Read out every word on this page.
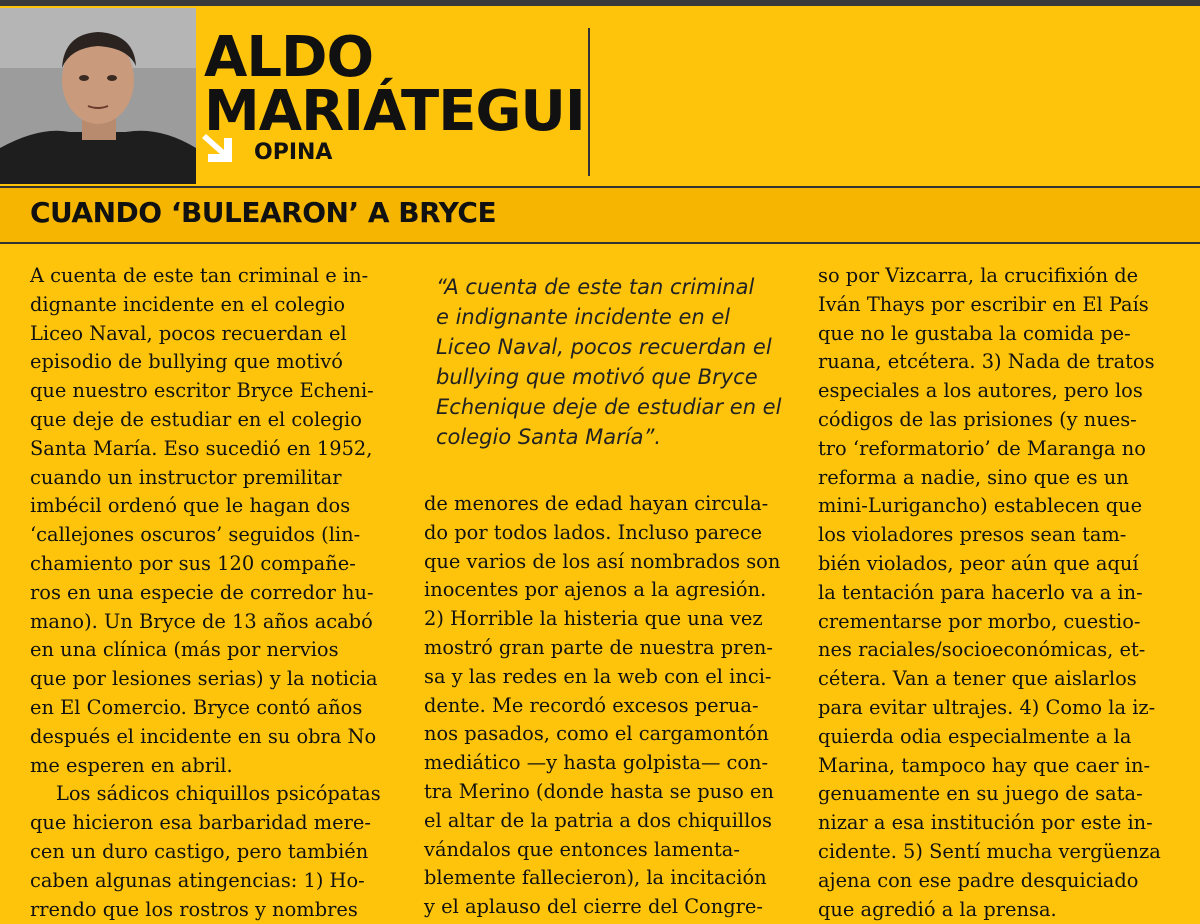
ALDO
MARIÁTEGUI
OPINA
CUANDO ‘BULEARON’ A BRYCE
A cuenta de este tan criminal e in-
dignante incidente en el colegio
Liceo Naval, pocos recuerdan el
episodio de bullying que motivó
que nuestro escritor Bryce Echeni-
que deje de estudiar en el colegio
Santa María. Eso sucedió en 1952,
cuando un instructor premilitar
imbécil ordenó que le hagan dos
‘callejones oscuros’ seguidos (lin-
chamiento por sus 120 compañe-
ros en una especie de corredor hu-
mano). Un Bryce de 13 años acabó
en una clínica (más por nervios
que por lesiones serias) y la noticia
en El Comercio. Bryce contó años
después el incidente en su obra No
me esperen en abril.
Los sádicos chiquillos psicópatas
que hicieron esa barbaridad mere-
cen un duro castigo, pero también
caben algunas atingencias: 1) Ho-
rrendo que los rostros y nombres
“A cuenta de este tan criminal
e indignante incidente en el
Liceo Naval, pocos recuerdan el
bullying que motivó que Bryce
Echenique deje de estudiar en el
colegio Santa María”.
de menores de edad hayan circula-
do por todos lados. Incluso parece
que varios de los así nombrados son
inocentes por ajenos a la agresión.
2) Horrible la histeria que una vez
mostró gran parte de nuestra pren-
sa y las redes en la web con el inci-
dente. Me recordó excesos perua-
nos pasados, como el cargamontón
mediático —y hasta golpista— con-
tra Merino (donde hasta se puso en
el altar de la patria a dos chiquillos
vándalos que entonces lamenta-
blemente fallecieron), la incitación
y el aplauso del cierre del Congre-
so por Vizcarra, la crucifixión de
Iván Thays por escribir en El País
que no le gustaba la comida pe-
ruana, etcétera. 3) Nada de tratos
especiales a los autores, pero los
códigos de las prisiones (y nues-
tro ‘reformatorio’ de Maranga no
reforma a nadie, sino que es un
mini-Lurigancho) establecen que
los violadores presos sean tam-
bién violados, peor aún que aquí
la tentación para hacerlo va a in-
crementarse por morbo, cuestio-
nes raciales/socioeconómicas, et-
cétera. Van a tener que aislarlos
para evitar ultrajes. 4) Como la iz-
quierda odia especialmente a la
Marina, tampoco hay que caer in-
genuamente en su juego de sata-
nizar a esa institución por este in-
cidente. 5) Sentí mucha vergüenza
ajena con ese padre desquiciado
que agredió a la prensa.
